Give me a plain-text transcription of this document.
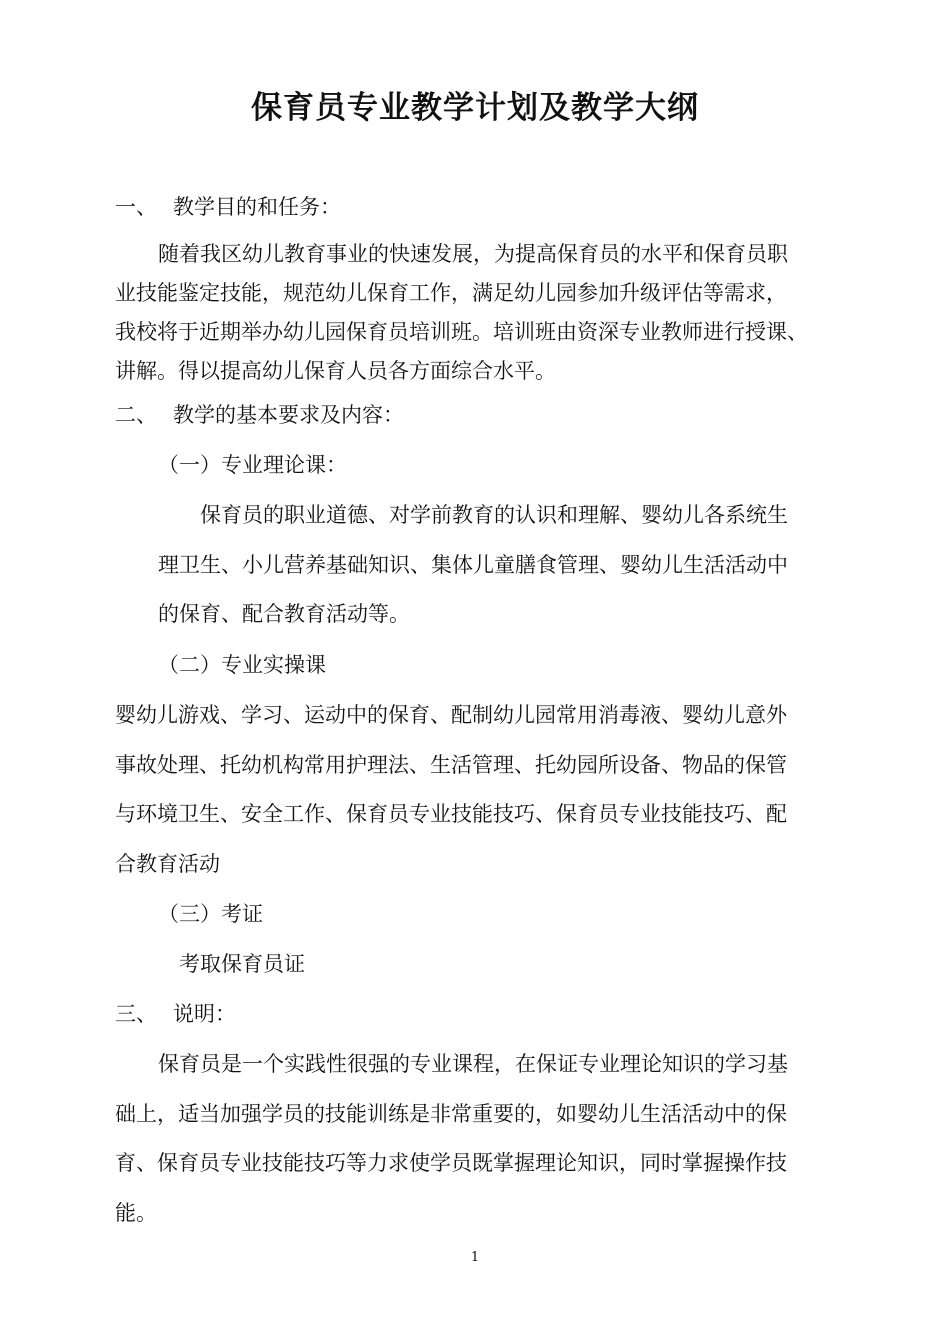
保育员专业教学计划及教学大纲
一、 教学目的和任务：
随着我区幼儿教育事业的快速发展，为提高保育员的水平和保育员职
业技能鉴定技能，规范幼儿保育工作，满足幼儿园参加升级评估等需求，
我校将于近期举办幼儿园保育员培训班。培训班由资深专业教师进行授课、
讲解。得以提高幼儿保育人员各方面综合水平。
二、 教学的基本要求及内容：
（一）专业理论课：
保育员的职业道德、对学前教育的认识和理解、婴幼儿各系统生
理卫生、小儿营养基础知识、集体儿童膳食管理、婴幼儿生活活动中
的保育、配合教育活动等。
（二）专业实操课
婴幼儿游戏、学习、运动中的保育、配制幼儿园常用消毒液、婴幼儿意外
事故处理、托幼机构常用护理法、生活管理、托幼园所设备、物品的保管
与环境卫生、安全工作、保育员专业技能技巧、保育员专业技能技巧、配
合教育活动
（三）考证
考取保育员证
三、 说明：
保育员是一个实践性很强的专业课程，在保证专业理论知识的学习基
础上，适当加强学员的技能训练是非常重要的，如婴幼儿生活活动中的保
育、保育员专业技能技巧等力求使学员既掌握理论知识，同时掌握操作技
能。
1
